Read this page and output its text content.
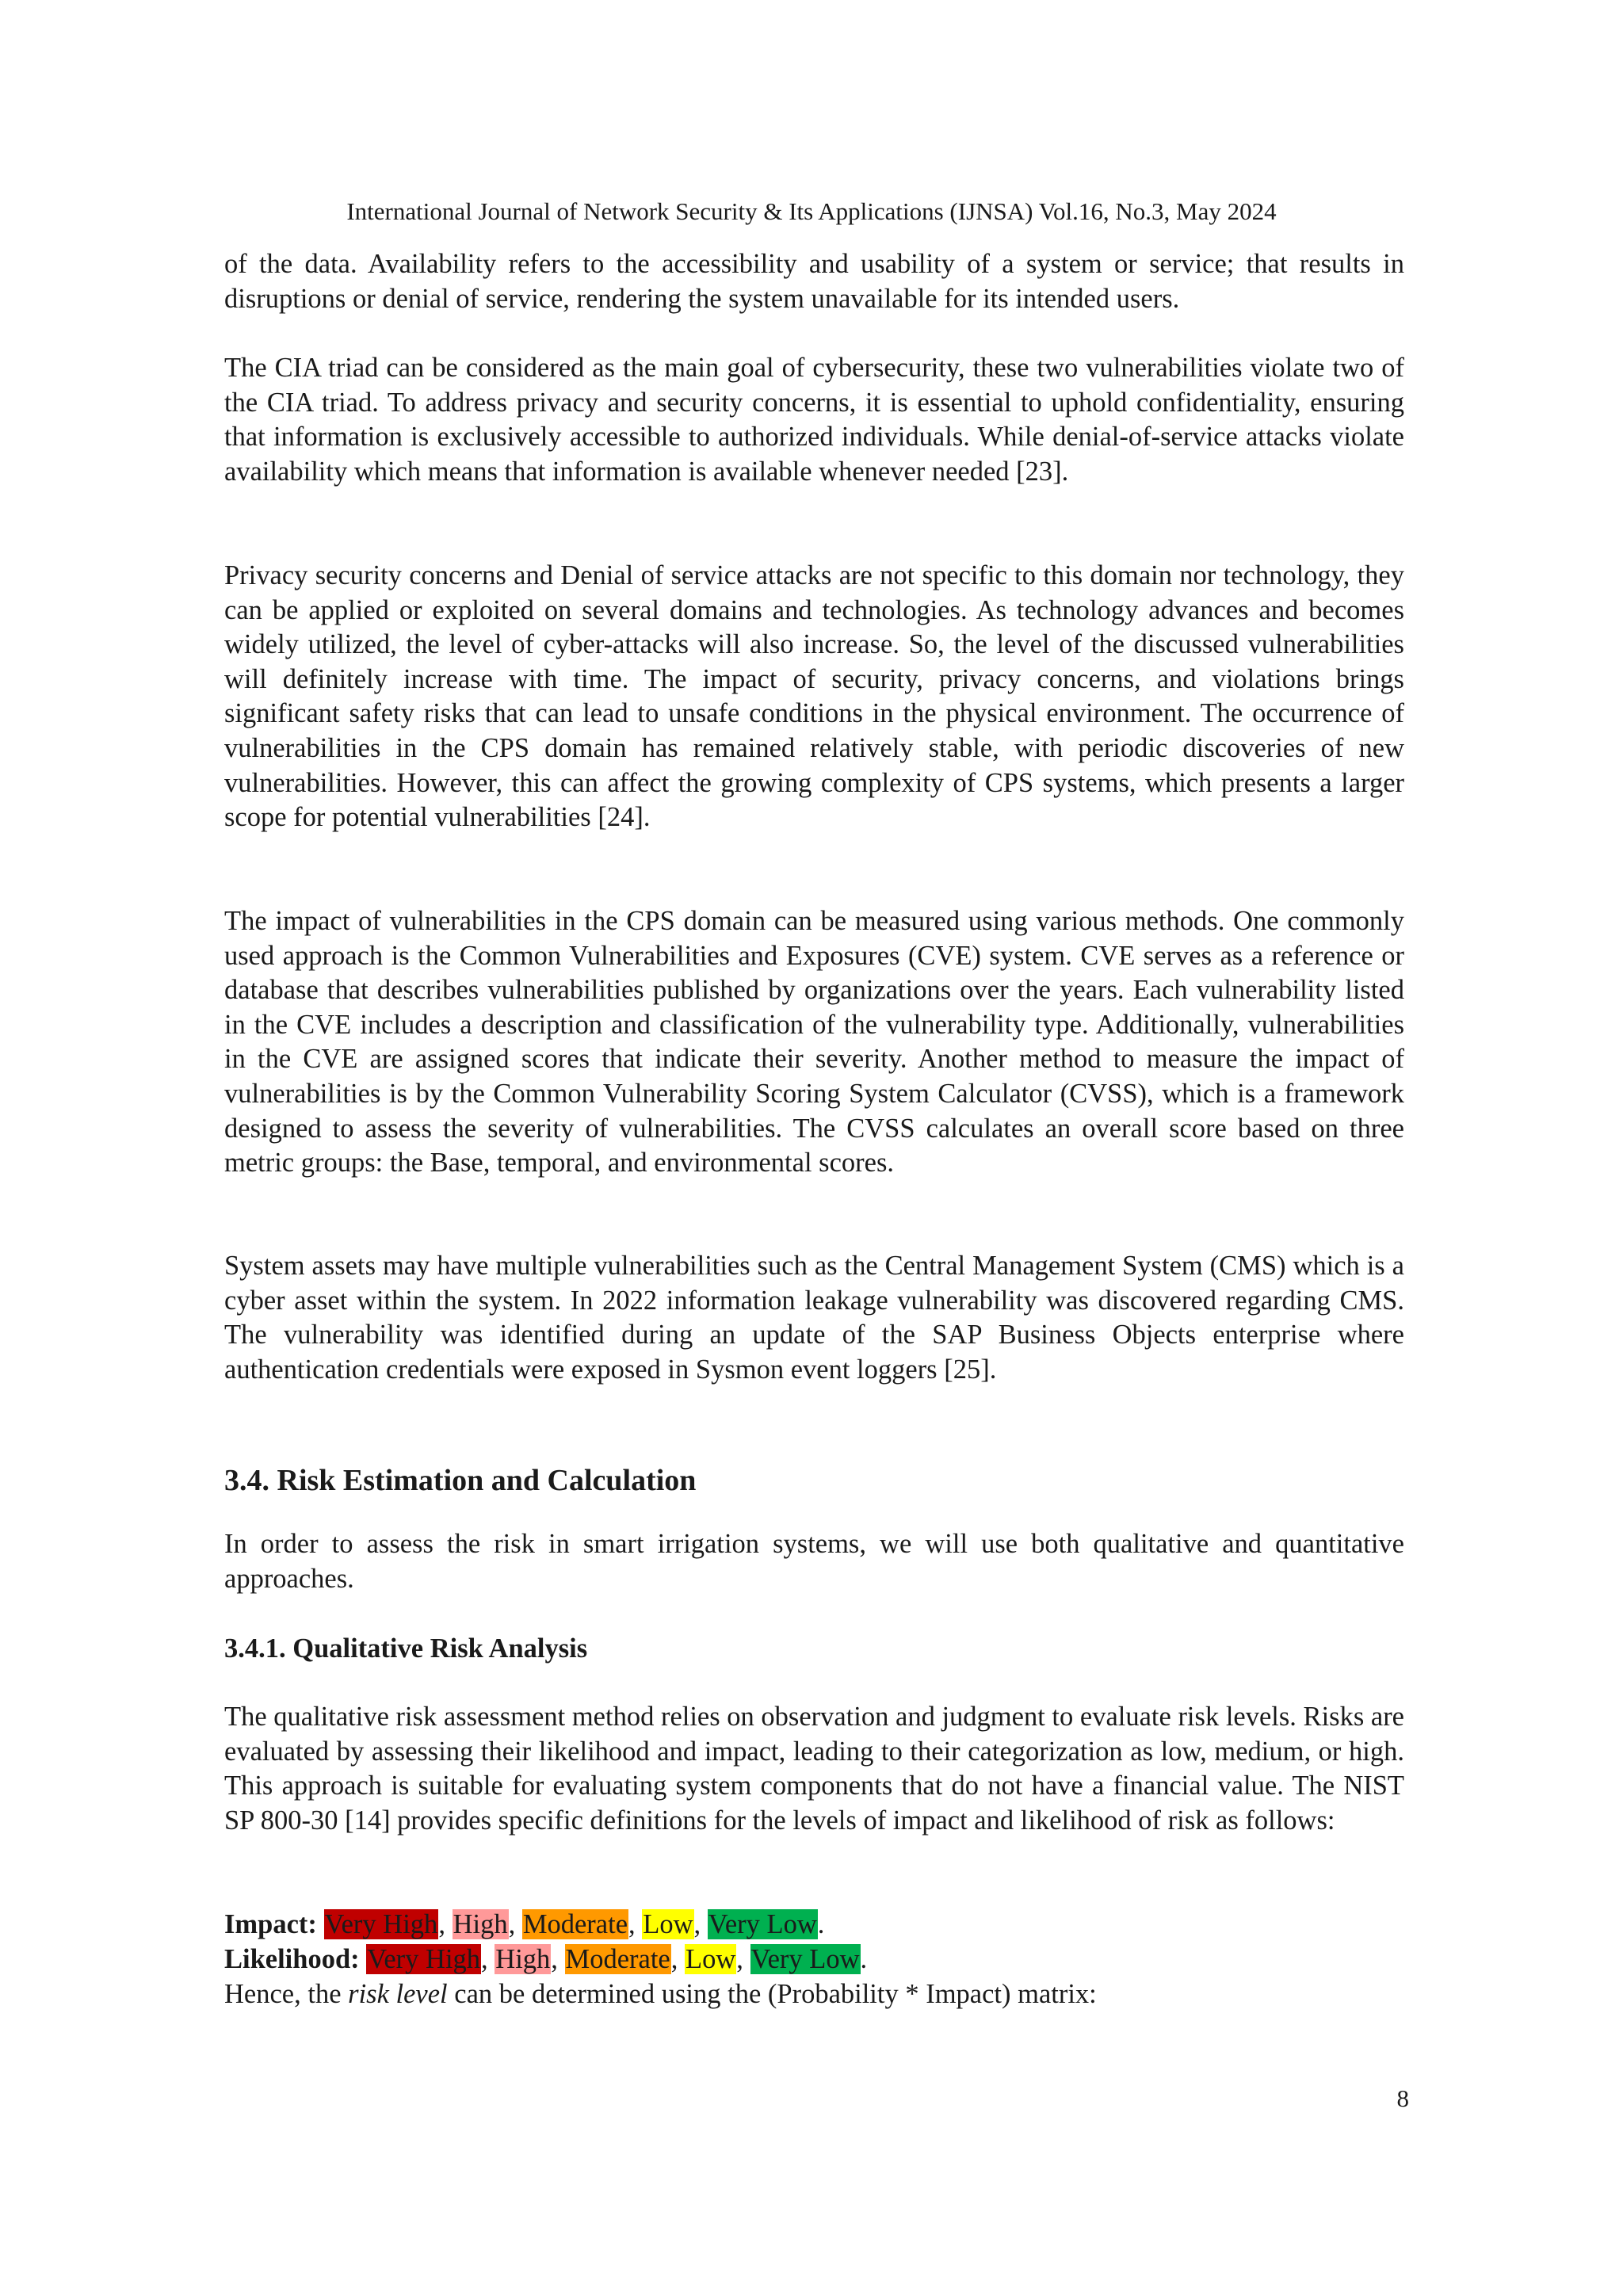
International Journal of Network Security & Its Applications (IJNSA) Vol.16, No.3, May 2024

of the data. Availability refers to the accessibility and usability of a system or service; that results in disruptions or denial of service, rendering the system unavailable for its intended users.

The CIA triad can be considered as the main goal of cybersecurity, these two vulnerabilities violate two of the CIA triad. To address privacy and security concerns, it is essential to uphold confidentiality, ensuring that information is exclusively accessible to authorized individuals. While denial-of-service attacks violate availability which means that information is available whenever needed [23].

Privacy security concerns and Denial of service attacks are not specific to this domain nor technology, they can be applied or exploited on several domains and technologies. As technology advances and becomes widely utilized, the level of cyber-attacks will also increase. So, the level of the discussed vulnerabilities will definitely increase with time. The impact of security, privacy concerns, and violations brings significant safety risks that can lead to unsafe conditions in the physical environment. The occurrence of vulnerabilities in the CPS domain has remained relatively stable, with periodic discoveries of new vulnerabilities. However, this can affect the growing complexity of CPS systems, which presents a larger scope for potential vulnerabilities [24].

The impact of vulnerabilities in the CPS domain can be measured using various methods. One commonly used approach is the Common Vulnerabilities and Exposures (CVE) system. CVE serves as a reference or database that describes vulnerabilities published by organizations over the years. Each vulnerability listed in the CVE includes a description and classification of the vulnerability type. Additionally, vulnerabilities in the CVE are assigned scores that indicate their severity. Another method to measure the impact of vulnerabilities is by the Common Vulnerability Scoring System Calculator (CVSS), which is a framework designed to assess the severity of vulnerabilities. The CVSS calculates an overall score based on three metric groups: the Base, temporal, and environmental scores.

System assets may have multiple vulnerabilities such as the Central Management System (CMS) which is a cyber asset within the system. In 2022 information leakage vulnerability was discovered regarding CMS. The vulnerability was identified during an update of the SAP Business Objects enterprise where authentication credentials were exposed in Sysmon event loggers [25].

3.4. Risk Estimation and Calculation

In order to assess the risk in smart irrigation systems, we will use both qualitative and quantitative approaches.

3.4.1. Qualitative Risk Analysis

The qualitative risk assessment method relies on observation and judgment to evaluate risk levels. Risks are evaluated by assessing their likelihood and impact, leading to their categorization as low, medium, or high. This approach is suitable for evaluating system components that do not have a financial value. The NIST SP 800-30 [14] provides specific definitions for the levels of impact and likelihood of risk as follows:

Impact: Very High, High, Moderate, Low, Very Low.

Likelihood: Very High, High, Moderate, Low, Very Low.

Hence, the risk level can be determined using the (Probability * Impact) matrix:

8
